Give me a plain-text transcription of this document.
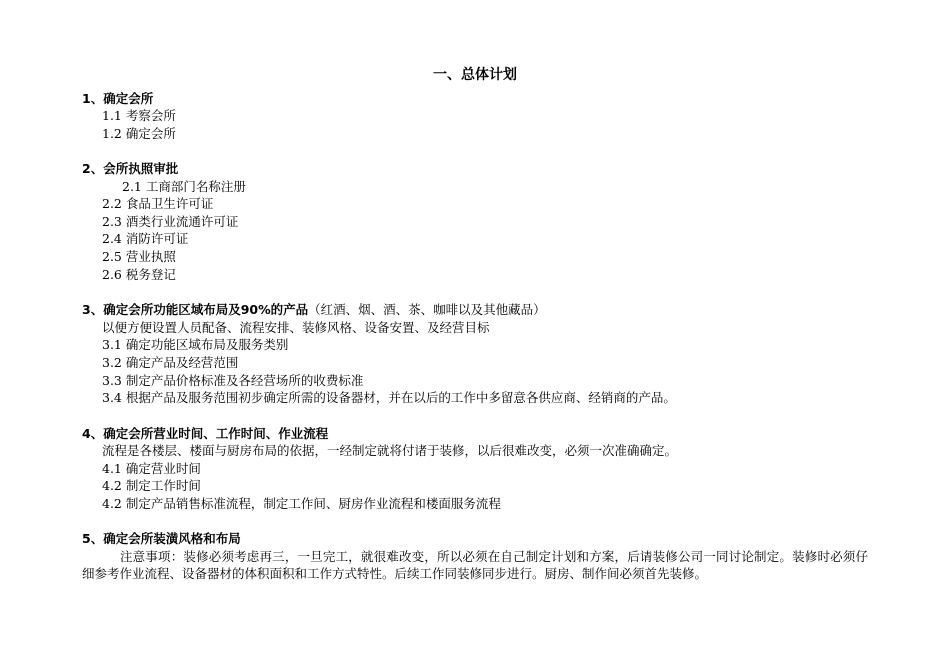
一、总体计划
1、确定会所
1.1 考察会所
1.2 确定会所
2、会所执照审批
2.1 工商部门名称注册
2.2 食品卫生许可证
2.3 酒类行业流通许可证
2.4 消防许可证
2.5 营业执照
2.6 税务登记
3、确定会所功能区域布局及90%的产品（红酒、烟、酒、茶、咖啡以及其他藏品）
以便方便设置人员配备、流程安排、装修风格、设备安置、及经营目标
3.1 确定功能区域布局及服务类别
3.2 确定产品及经营范围
3.3 制定产品价格标准及各经营场所的收费标准
3.4 根据产品及服务范围初步确定所需的设备器材，并在以后的工作中多留意各供应商、经销商的产品。
4、确定会所营业时间、工作时间、作业流程
流程是各楼层、楼面与厨房布局的依据，一经制定就将付诸于装修，以后很难改变，必须一次准确确定。
4.1 确定营业时间
4.2 制定工作时间
4.2 制定产品销售标准流程，制定工作间、厨房作业流程和楼面服务流程
5、确定会所装潢风格和布局
注意事项：装修必须考虑再三，一旦完工，就很难改变，所以必须在自己制定计划和方案，后请装修公司一同讨论制定。装修时必须仔细参考作业流程、设备器材的体积面积和工作方式特性。后续工作同装修同步进行。厨房、制作间必须首先装修。
